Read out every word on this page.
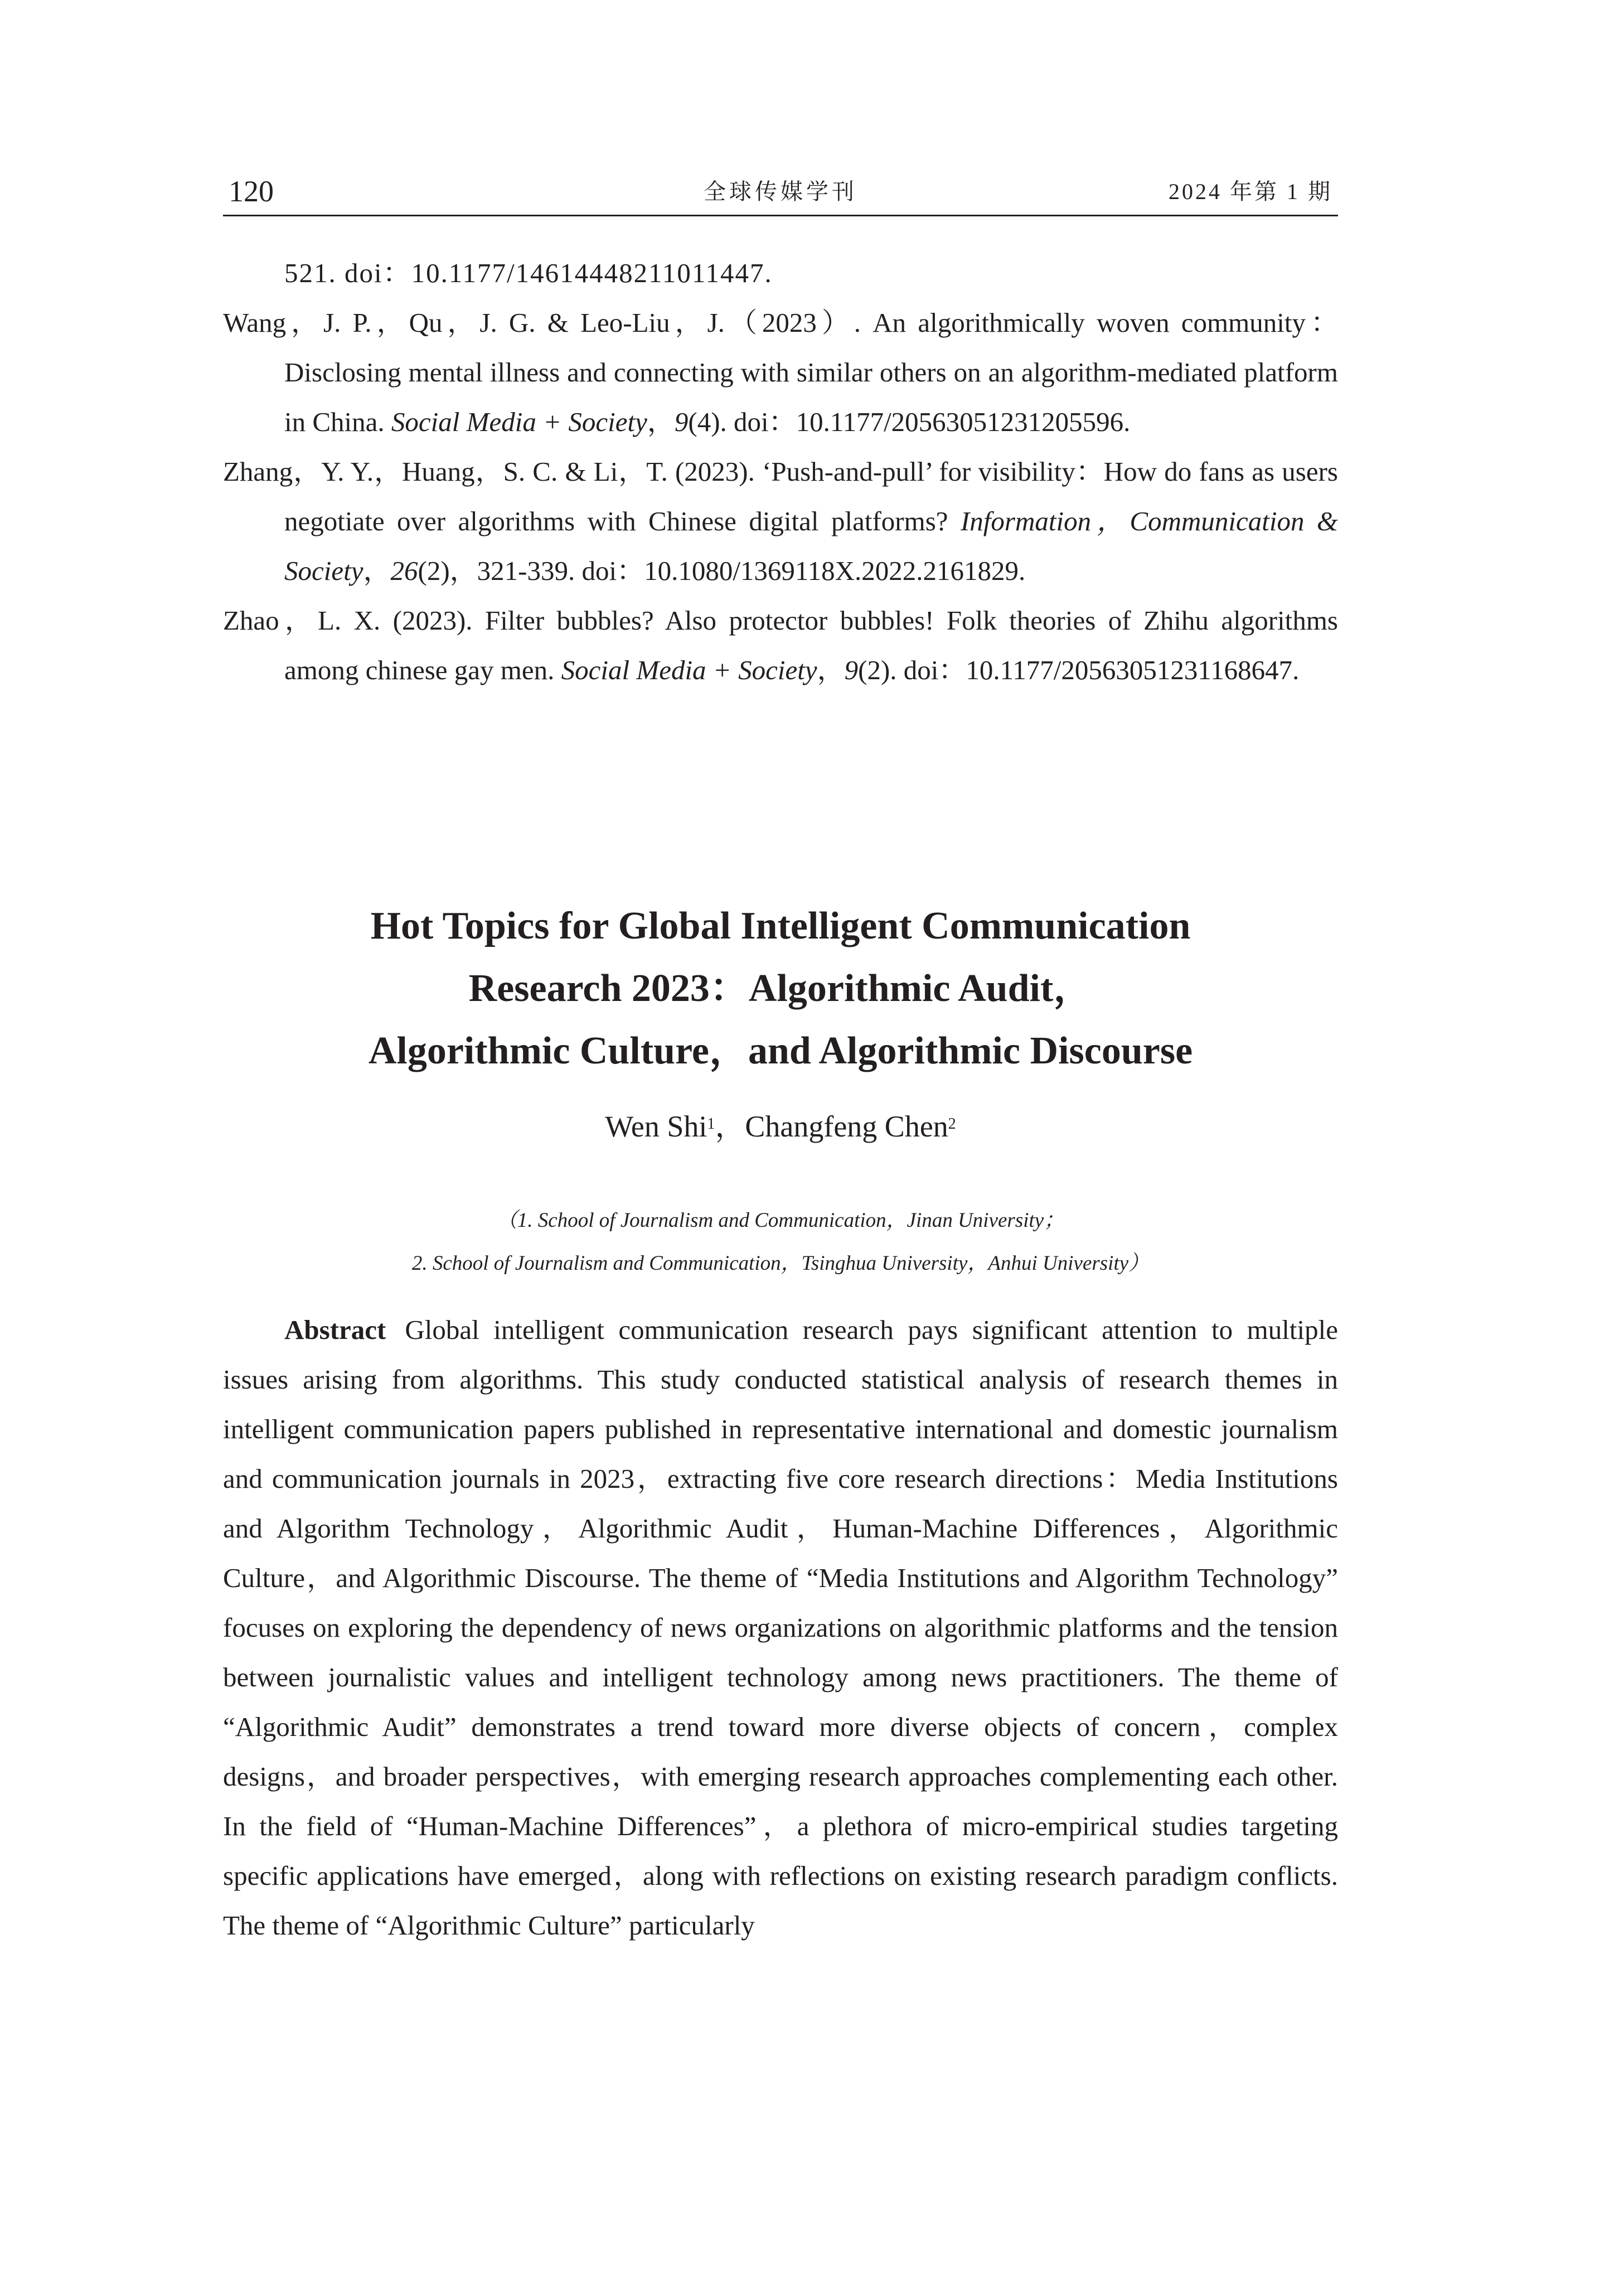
120	全球传媒学刊	2024 年第 1 期
521. doi：10.1177/14614448211011447.
Wang，J. P.，Qu，J. G. & Leo-Liu，J.（2023）. An algorithmically woven community：Disclosing mental illness and connecting with similar others on an algorithm-mediated platform in China. Social Media + Society，9(4). doi：10.1177/20563051231205596.
Zhang，Y. Y.，Huang，S. C. & Li，T. (2023). ‘Push-and-pull’ for visibility：How do fans as users negotiate over algorithms with Chinese digital platforms? Information，Communication & Society，26(2)，321-339. doi：10.1080/1369118X.2022.2161829.
Zhao，L. X. (2023). Filter bubbles? Also protector bubbles! Folk theories of Zhihu algorithms among chinese gay men. Social Media + Society，9(2). doi：10.1177/20563051231168647.
Hot Topics for Global Intelligent Communication
Research 2023：Algorithmic Audit，
Algorithmic Culture，and Algorithmic Discourse
Wen Shi$^1$，Changfeng Chen$^2$
（1. School of Journalism and Communication，Jinan University；
2. School of Journalism and Communication，Tsinghua University，Anhui University）
Abstract Global intelligent communication research pays significant attention to multiple issues arising from algorithms. This study conducted statistical analysis of research themes in intelligent communication papers published in representative international and domestic journalism and communication journals in 2023，extracting five core research directions：Media Institutions and Algorithm Technology，Algorithmic Audit，Human-Machine Differences，Algorithmic Culture，and Algorithmic Discourse. The theme of “Media Institutions and Algorithm Technology” focuses on exploring the dependency of news organizations on algorithmic platforms and the tension between journalistic values and intelligent technology among news practitioners. The theme of “Algorithmic Audit” demonstrates a trend toward more diverse objects of concern，complex designs，and broader perspectives，with emerging research approaches complementing each other. In the field of “Human-Machine Differences”，a plethora of micro-empirical studies targeting specific applications have emerged，along with reflections on existing research paradigm conflicts. The theme of “Algorithmic Culture” particularly
